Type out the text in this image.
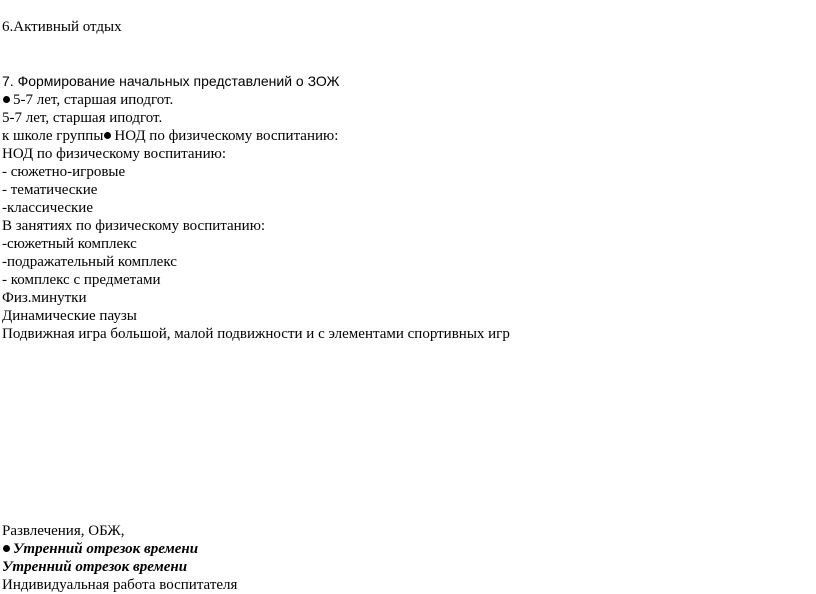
6.Активный отдых
7. Формирование начальных представлений о ЗОЖ
5-7 лет, старшая иподгот.
5-7 лет, старшая иподгот.
к школе группы НОД по физическому воспитанию:
НОД по физическому воспитанию:
- сюжетно-игровые
- тематические
-классические
В занятиях по физическому воспитанию:
-сюжетный комплекс
-подражательный комплекс
- комплекс с предметами
Физ.минутки
Динамические паузы
Подвижная игра большой, малой подвижности и с элементами спортивных игр
Развлечения, ОБЖ,
Утренний отрезок времени
Утренний отрезок времени
Индивидуальная работа воспитателя
